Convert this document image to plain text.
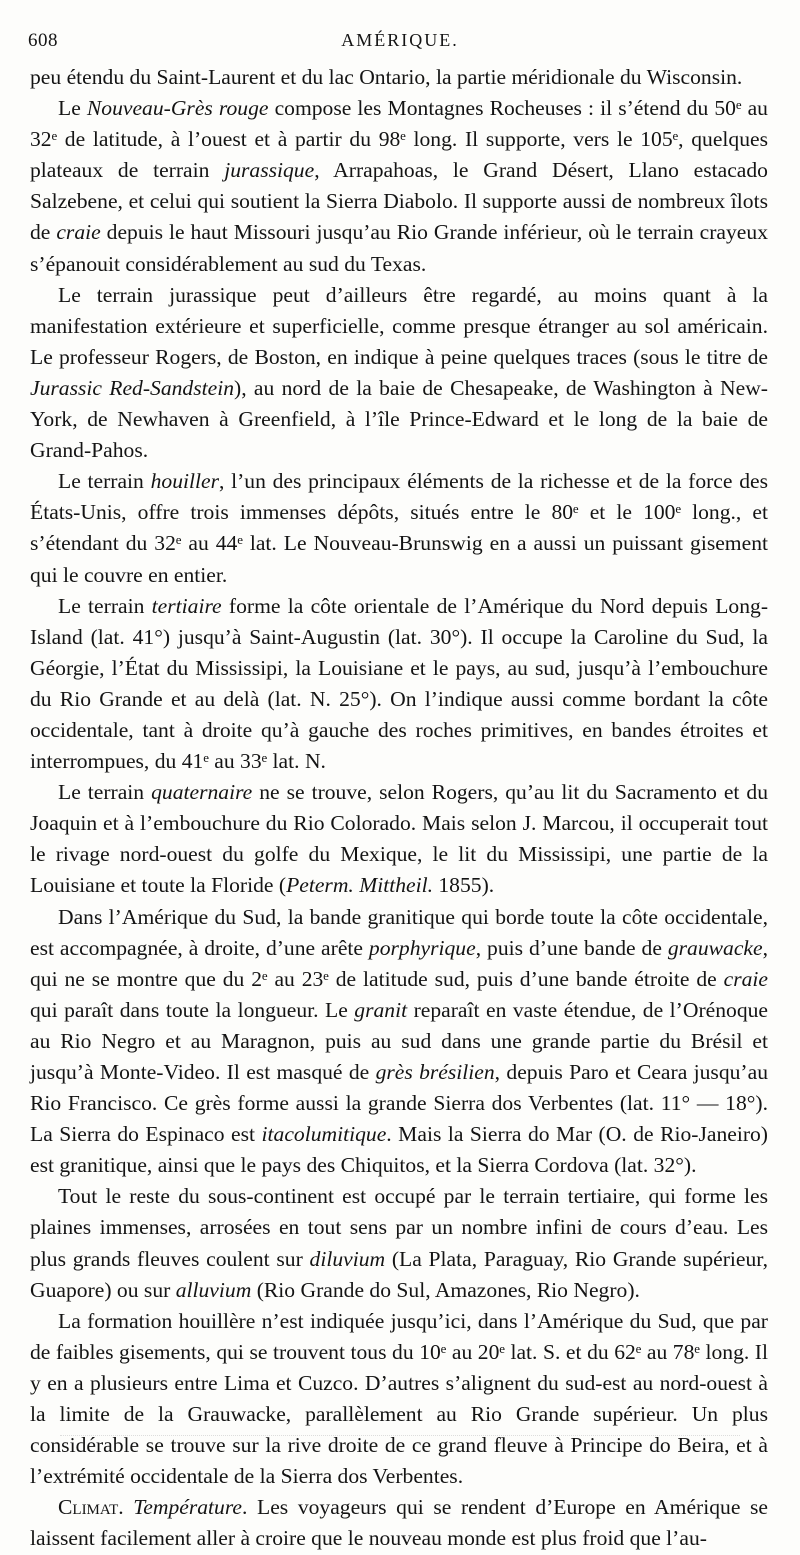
608	AMÉRIQUE.

peu étendu du Saint-Laurent et du lac Ontario, la partie méridionale du Wisconsin.

Le Nouveau-Grès rouge compose les Montagnes Rocheuses : il s’étend du 50ᵉ au 32ᵉ de latitude, à l’ouest et à partir du 98ᵉ long. Il supporte, vers le 105ᵉ, quelques plateaux de terrain jurassique, Arrapahoas, le Grand Désert, Llano estacado Salzebene, et celui qui soutient la Sierra Diabolo. Il supporte aussi de nombreux îlots de craie depuis le haut Missouri jusqu’au Rio Grande inférieur, où le terrain crayeux s’épanouit considérablement au sud du Texas.

Le terrain jurassique peut d’ailleurs être regardé, au moins quant à la manifestation extérieure et superficielle, comme presque étranger au sol américain. Le professeur Rogers, de Boston, en indique à peine quelques traces (sous le titre de Jurassic Red-Sandstein), au nord de la baie de Chesapeake, de Washington à New-York, de Newhaven à Greenfield, à l’île Prince-Edward et le long de la baie de Grand-Pahos.

Le terrain houiller, l’un des principaux éléments de la richesse et de la force des États-Unis, offre trois immenses dépôts, situés entre le 80ᵉ et le 100ᵉ long., et s’étendant du 32ᵉ au 44ᵉ lat. Le Nouveau-Brunswig en a aussi un puissant gisement qui le couvre en entier.

Le terrain tertiaire forme la côte orientale de l’Amérique du Nord depuis Long-Island (lat. 41°) jusqu’à Saint-Augustin (lat. 30°). Il occupe la Caroline du Sud, la Géorgie, l’État du Mississipi, la Louisiane et le pays, au sud, jusqu’à l’embouchure du Rio Grande et au delà (lat. N. 25°). On l’indique aussi comme bordant la côte occidentale, tant à droite qu’à gauche des roches primitives, en bandes étroites et interrompues, du 41ᵉ au 33ᵉ lat. N.

Le terrain quaternaire ne se trouve, selon Rogers, qu’au lit du Sacramento et du Joaquin et à l’embouchure du Rio Colorado. Mais selon J. Marcou, il occuperait tout le rivage nord-ouest du golfe du Mexique, le lit du Mississipi, une partie de la Louisiane et toute la Floride (Peterm. Mittheil. 1855).

Dans l’Amérique du Sud, la bande granitique qui borde toute la côte occidentale, est accompagnée, à droite, d’une arête porphyrique, puis d’une bande de grauwacke, qui ne se montre que du 2ᵉ au 23ᵉ de latitude sud, puis d’une bande étroite de craie qui paraît dans toute la longueur. Le granit reparaît en vaste étendue, de l’Orénoque au Rio Negro et au Maragnon, puis au sud dans une grande partie du Brésil et jusqu’à Monte-Video. Il est masqué de grès brésilien, depuis Paro et Ceara jusqu’au Rio Francisco. Ce grès forme aussi la grande Sierra dos Verbentes (lat. 11° — 18°). La Sierra do Espinaco est itacolumitique. Mais la Sierra do Mar (O. de Rio-Janeiro) est granitique, ainsi que le pays des Chiquitos, et la Sierra Cordova (lat. 32°).

Tout le reste du sous-continent est occupé par le terrain tertiaire, qui forme les plaines immenses, arrosées en tout sens par un nombre infini de cours d’eau. Les plus grands fleuves coulent sur diluvium (La Plata, Paraguay, Rio Grande supérieur, Guapore) ou sur alluvium (Rio Grande do Sul, Amazones, Rio Negro).

La formation houillère n’est indiquée jusqu’ici, dans l’Amérique du Sud, que par de faibles gisements, qui se trouvent tous du 10ᵉ au 20ᵉ lat. S. et du 62ᵉ au 78ᵉ long. Il y en a plusieurs entre Lima et Cuzco. D’autres s’alignent du sud-est au nord-ouest à la limite de la Grauwacke, parallèlement au Rio Grande supérieur. Un plus considérable se trouve sur la rive droite de ce grand fleuve à Principe do Beira, et à l’extrémité occidentale de la Sierra dos Verbentes.

Climat. Température. Les voyageurs qui se rendent d’Europe en Amérique se laissent facilement aller à croire que le nouveau monde est plus froid que l’au-
